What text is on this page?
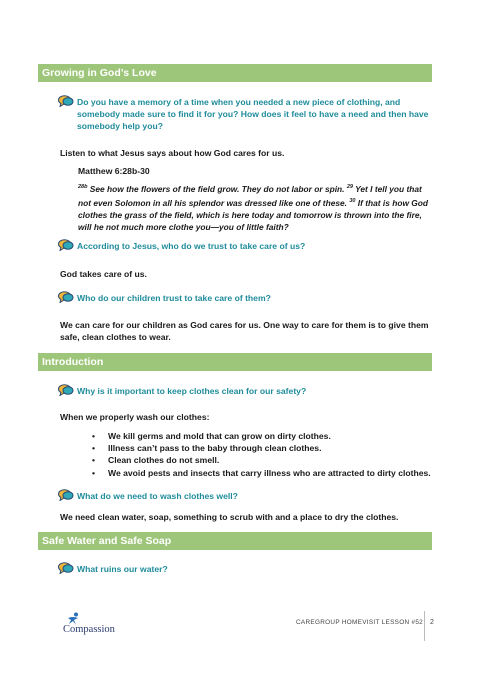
Growing in God’s Love
Do you have a memory of a time when you needed a new piece of clothing, and somebody made sure to find it for you? How does it feel to have a need and then have somebody help you?
Listen to what Jesus says about how God cares for us.
Matthew 6:28b-30
$^{28b}$ See how the flowers of the field grow. They do not labor or spin. $^{29}$ Yet I tell you that not even Solomon in all his splendor was dressed like one of these. $^{30}$ If that is how God clothes the grass of the field, which is here today and tomorrow is thrown into the fire, will he not much more clothe you—you of little faith?
According to Jesus, who do we trust to take care of us?
God takes care of us.
Who do our children trust to take care of them?
We can care for our children as God cares for us. One way to care for them is to give them safe, clean clothes to wear.
Introduction
Why is it important to keep clothes clean for our safety?
When we properly wash our clothes:
• We kill germs and mold that can grow on dirty clothes.
• Illness can’t pass to the baby through clean clothes.
• Clean clothes do not smell.
• We avoid pests and insects that carry illness who are attracted to dirty clothes.
What do we need to wash clothes well?
We need clean water, soap, something to scrub with and a place to dry the clothes.
Safe Water and Safe Soap
What ruins our water?
Compassion
CAREGROUP HOMEVISIT LESSON #52 2
